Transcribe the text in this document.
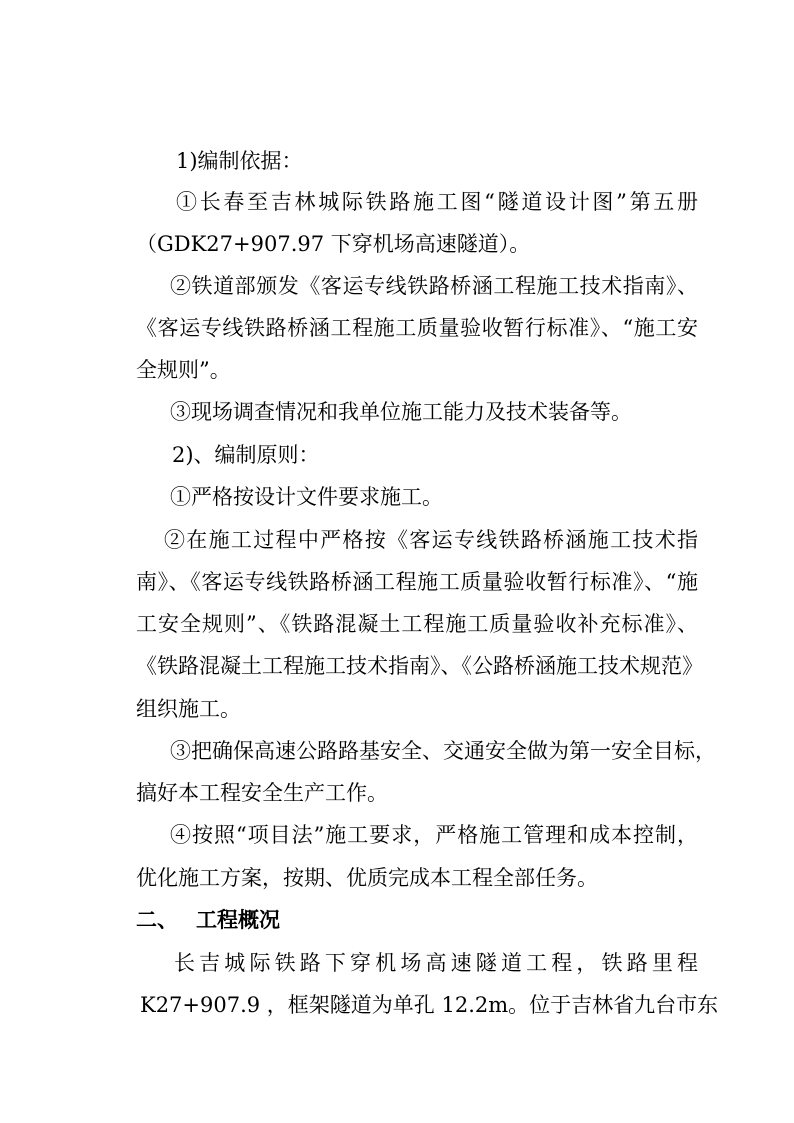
1)编制依据：
①长春至吉林城际铁路施工图“隧道设计图”第五册
（GDK27+907.97 下穿机场高速隧道）。
②铁道部颁发《客运专线铁路桥涵工程施工技术指南》、
《客运专线铁路桥涵工程施工质量验收暂行标准》、“施工安
全规则”。
③现场调查情况和我单位施工能力及技术装备等。
2)、编制原则：
①严格按设计文件要求施工。
②在施工过程中严格按《客运专线铁路桥涵施工技术指
南》、《客运专线铁路桥涵工程施工质量验收暂行标准》、“施
工安全规则”、《铁路混凝土工程施工质量验收补充标准》、
《铁路混凝土工程施工技术指南》、《公路桥涵施工技术规范》
组织施工。
③把确保高速公路路基安全、交通安全做为第一安全目标，
搞好本工程安全生产工作。
④按照“项目法”施工要求，严格施工管理和成本控制，
优化施工方案，按期、优质完成本工程全部任务。
二、 工程概况
长吉城际铁路下穿机场高速隧道工程，铁路里程
K27+907.9 ，框架隧道为单孔 12.2m。位于吉林省九台市东
